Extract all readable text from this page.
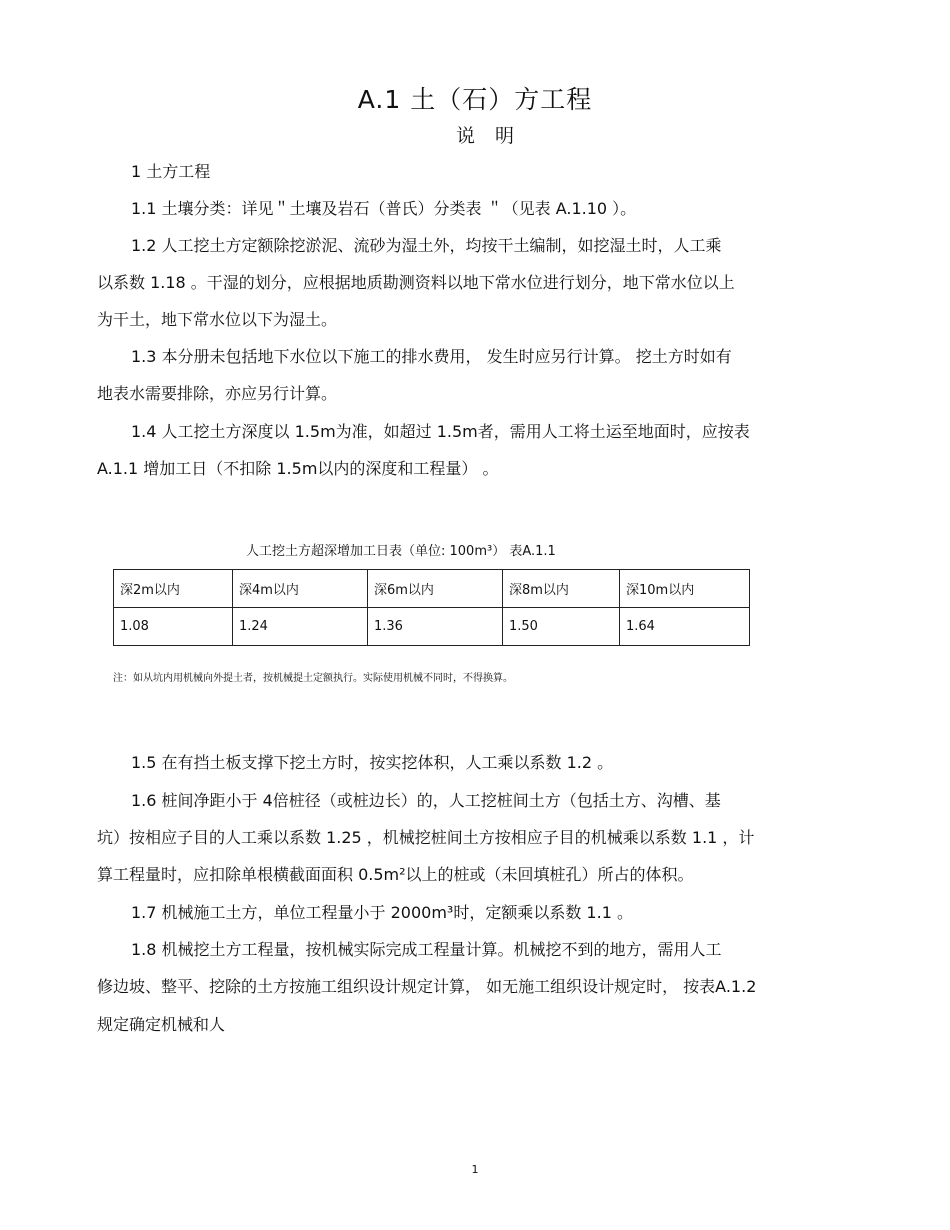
A.1 土（石）方工程
说明
1 土方工程
1.1 土壤分类：详见＂土壤及岩石（普氏）分类表 ＂（见表 A.1.10 ）。
1.2 人工挖土方定额除挖淤泥、流砂为湿土外，均按干土编制，如挖湿土时，人工乘
以系数 1.18 。干湿的划分，应根据地质勘测资料以地下常水位进行划分，地下常水位以上
为干土，地下常水位以下为湿土。
1.3 本分册未包括地下水位以下施工的排水费用， 发生时应另行计算。 挖土方时如有
地表水需要排除，亦应另行计算。
1.4 人工挖土方深度以 1.5m为准，如超过 1.5m者，需用人工将土运至地面时，应按表
A.1.1 增加工日（不扣除 1.5m以内的深度和工程量） 。
人工挖土方超深增加工日表（单位: 100m³） 表A.1.1
深2m以内	深4m以内	深6m以内	深8m以内	深10m以内
1.08	1.24	1.36	1.50	1.64
注：如从坑内用机械向外提土者，按机械提土定额执行。实际使用机械不同时，不得换算。
1.5 在有挡土板支撑下挖土方时，按实挖体积，人工乘以系数 1.2 。
1.6 桩间净距小于 4倍桩径（或桩边长）的，人工挖桩间土方（包括土方、沟槽、基
坑）按相应子目的人工乘以系数 1.25 ，机械挖桩间土方按相应子目的机械乘以系数 1.1 ，计
算工程量时，应扣除单根横截面面积 0.5m²以上的桩或（未回填桩孔）所占的体积。
1.7 机械施工土方，单位工程量小于 2000m³时，定额乘以系数 1.1 。
1.8 机械挖土方工程量，按机械实际完成工程量计算。机械挖不到的地方，需用人工
修边坡、整平、挖除的土方按施工组织设计规定计算， 如无施工组织设计规定时， 按表A.1.2
规定确定机械和人
1
